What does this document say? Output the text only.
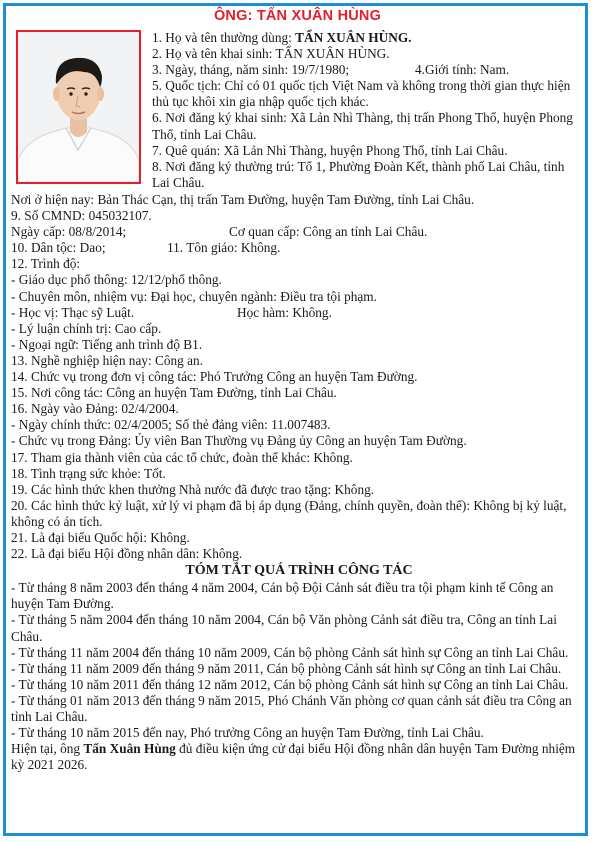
ÔNG: TẨN XUÂN HÙNG

1. Họ và tên thường dùng: TẨN XUÂN HÙNG.

2. Họ và tên khai sinh: TẨN XUÂN HÙNG.

3. Ngày, tháng, năm sinh: 19/7/1980;	4.Giới tính: Nam.

5. Quốc tịch: Chỉ có 01 quốc tịch Việt Nam và không trong thời gian thực hiện thủ tục khôi xin gia nhập quốc tịch khác.

6. Nơi đăng ký khai sinh: Xã Lản Nhì Thàng, thị trấn Phong Thổ, huyện Phong Thổ, tỉnh Lai Châu.

7. Quê quán: Xã Lản Nhì Thàng, huyện Phong Thổ, tỉnh Lai Châu.

8. Nơi đăng ký thường trú: Tổ 1, Phường Đoàn Kết, thành phố Lai Châu, tỉnh Lai Châu.

Nơi ở hiện nay: Bản Thác Cạn, thị trấn Tam Đường, huyện Tam Đường, tỉnh Lai Châu.

9. Số CMND: 045032107.

Ngày cấp: 08/8/2014;	Cơ quan cấp: Công an tỉnh Lai Châu.

10. Dân tộc: Dao;	11. Tôn giáo: Không.

12. Trình độ:

- Giáo dục phổ thông: 12/12/phổ thông.

- Chuyên môn, nhiệm vụ: Đại học, chuyên ngành: Điều tra tội phạm.

- Học vị: Thạc sỹ Luật.	Học hàm: Không.

- Lý luận chính trị: Cao cấp.

- Ngoại ngữ: Tiếng anh trình độ B1.

13. Nghề nghiệp hiện nay: Công an.

14. Chức vụ trong đơn vị công tác: Phó Trưởng Công an huyện Tam Đường.

15. Nơi công tác: Công an huyện Tam Đường, tỉnh Lai Châu.

16. Ngày vào Đảng: 02/4/2004.

- Ngày chính thức: 02/4/2005; Số thẻ đảng viên: 11.007483.

- Chức vụ trong Đảng: Ủy viên Ban Thường vụ Đảng ủy Công an huyện Tam Đường.

17. Tham gia thành viên của các tổ chức, đoàn thể khác: Không.

18. Tình trạng sức khỏe: Tốt.

19. Các hình thức khen thưởng Nhà nước đã được trao tặng: Không.

20. Các hình thức kỷ luật, xử lý vi phạm đã bị áp dụng (Đảng, chính quyền, đoàn thể): Không bị kỷ luật, không có án tích.

21. Là đại biểu Quốc hội: Không.

22. Là đại biểu Hội đồng nhân dân: Không.

TÓM TẮT QUÁ TRÌNH CÔNG TÁC

- Từ tháng 8 năm 2003 đến tháng 4 năm 2004, Cán bộ Đội Cảnh sát điều tra tội phạm kinh tế Công an huyện Tam Đường.

- Từ tháng 5 năm 2004 đến tháng 10 năm 2004, Cán bộ Văn phòng Cảnh sát điều tra, Công an tỉnh Lai Châu.

- Từ tháng 11 năm 2004 đến tháng 10 năm 2009, Cán bộ phòng Cảnh sát hình sự Công an tỉnh Lai Châu.

- Từ tháng 11 năm 2009 đến tháng 9 năm 2011, Cán bộ phòng Cảnh sát hình sự Công an tỉnh Lai Châu.

- Từ tháng 10 năm 2011 đến tháng 12 năm 2012, Cán bộ phòng Cảnh sát hình sự Công an tỉnh Lai Châu.

- Từ tháng 01 năm 2013 đến tháng 9 năm 2015, Phó Chánh Văn phòng cơ quan cảnh sát điều tra Công an tỉnh Lai Châu.

- Từ tháng 10 năm 2015 đến nay, Phó trưởng Công an huyện Tam Đường, tỉnh Lai Châu.

Hiện tại, ông Tẩn Xuân Hùng đủ điều kiện ứng cử đại biểu Hội đồng nhân dân huyện Tam Đường nhiệm kỳ 2021 2026.
